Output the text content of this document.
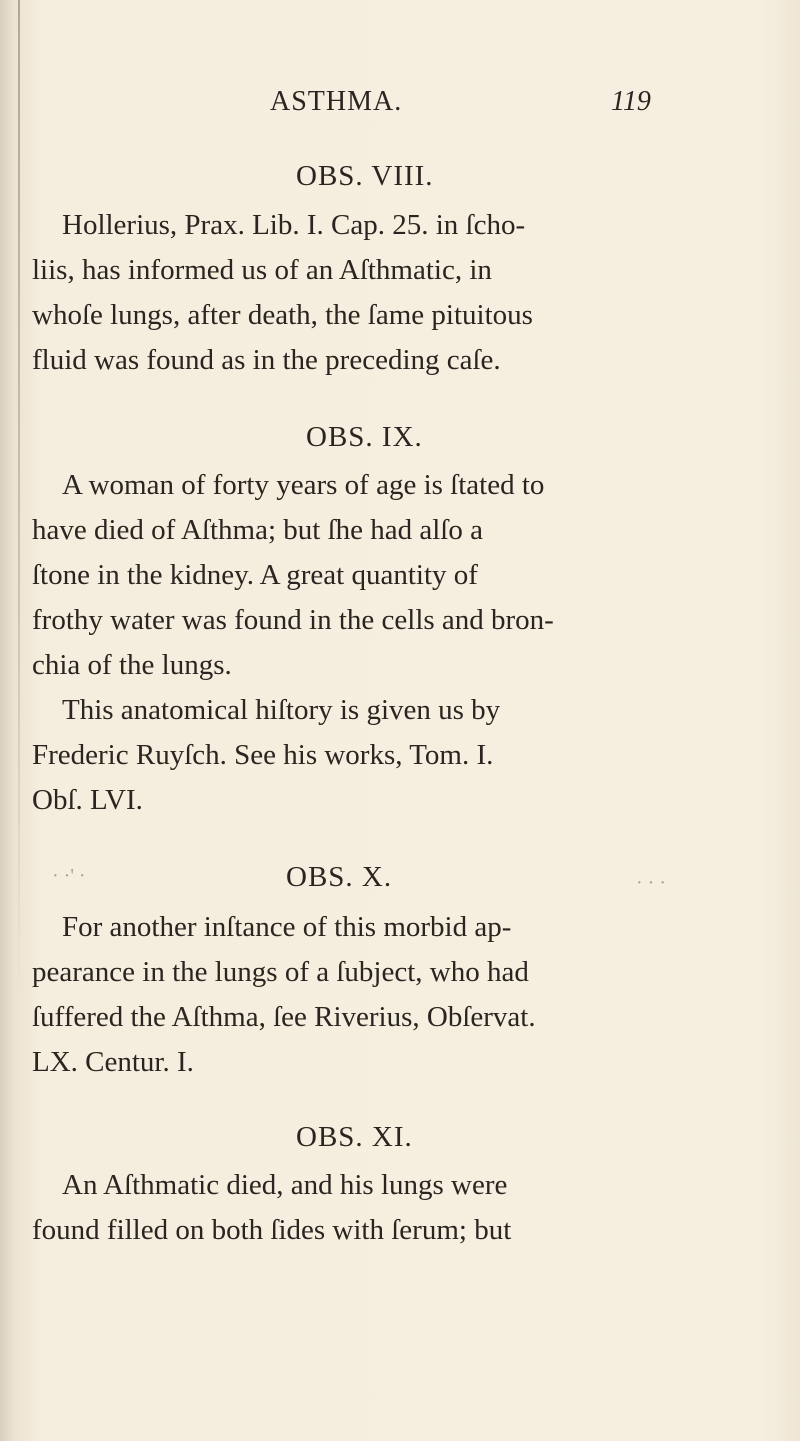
ASTHMA.	119
OBS. VIII.
Hollerius, Prax. Lib. I. Cap. 25. in ſcho-
liis, has informed us of an Aſthmatic, in
whoſe lungs, after death, the ſame pituitous
fluid was found as in the preceding caſe.
OBS. IX.
A woman of forty years of age is ſtated to
have died of Aſthma; but ſhe had alſo a
ſtone in the kidney. A great quantity of
frothy water was found in the cells and bron-
chia of the lungs.
This anatomical hiſtory is given us by
Frederic Ruyſch. See his works, Tom. I.
Obſ. LVI.
· ·' ·	· · ·
OBS. X.
For another inſtance of this morbid ap-
pearance in the lungs of a ſubject, who had
ſuffered the Aſthma, ſee Riverius, Obſervat.
LX. Centur. I.
OBS. XI.
An Aſthmatic died, and his lungs were
found filled on both ſides with ſerum; but
